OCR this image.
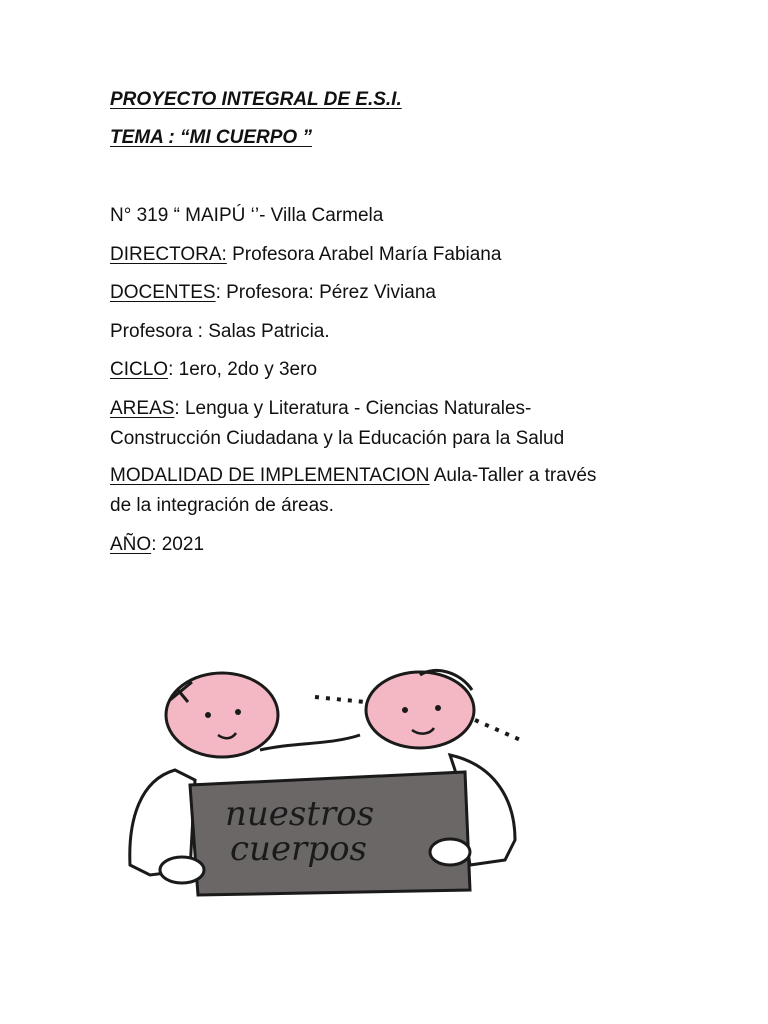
PROYECTO INTEGRAL DE E.S.I.
TEMA : “MI CUERPO ”
N° 319 “ MAIPÚ ‘’- Villa Carmela
DIRECTORA: Profesora Arabel María Fabiana
DOCENTES: Profesora: Pérez Viviana
Profesora : Salas Patricia.
CICLO: 1ero, 2do y 3ero
AREAS: Lengua y Literatura - Ciencias Naturales-
Construcción Ciudadana y la Educación para la Salud
MODALIDAD DE IMPLEMENTACION Aula-Taller a través
de la integración de áreas.
AÑO: 2021
nuestros
cuerpos
